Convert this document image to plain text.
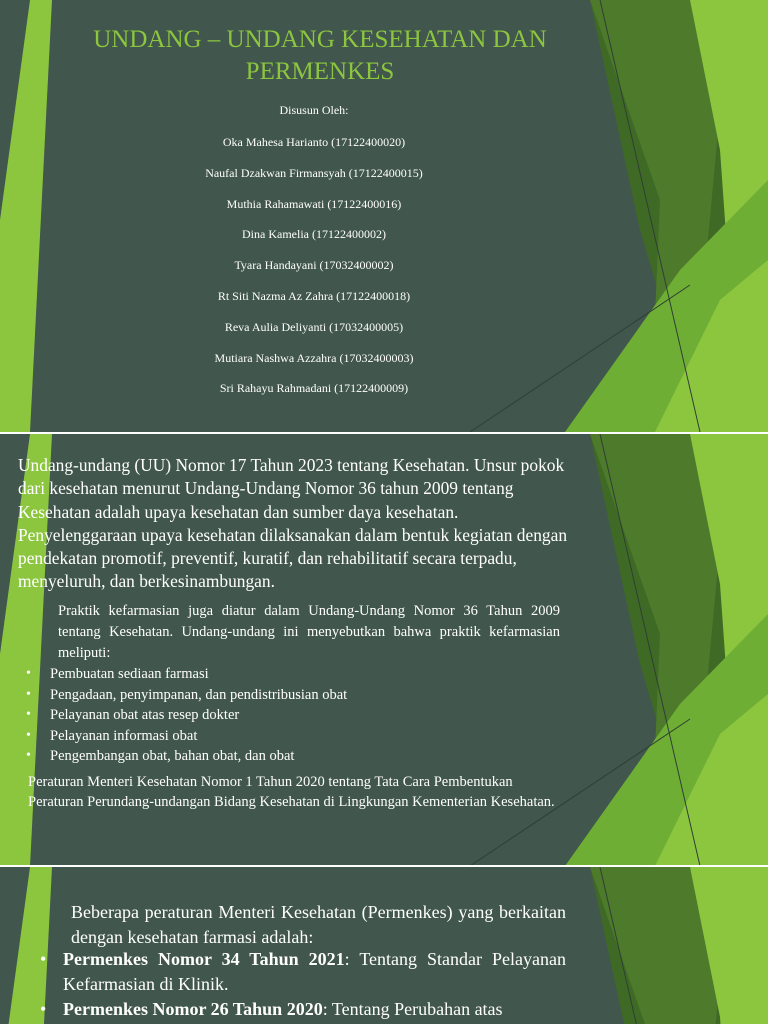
UNDANG – UNDANG KESEHATAN DAN PERMENKES
Disusun Oleh:
Oka Mahesa Harianto (17122400020)
Naufal Dzakwan Firmansyah (17122400015)
Muthia Rahamawati (17122400016)
Dina Kamelia (17122400002)
Tyara Handayani (17032400002)
Rt Siti Nazma Az Zahra (17122400018)
Reva Aulia Deliyanti (17032400005)
Mutiara Nashwa Azzahra (17032400003)
Sri Rahayu Rahmadani (17122400009)
Undang-undang (UU) Nomor 17 Tahun 2023 tentang Kesehatan. Unsur pokok dari kesehatan menurut Undang-Undang Nomor 36 tahun 2009 tentang Kesehatan adalah upaya kesehatan dan sumber daya kesehatan. Penyelenggaraan upaya kesehatan dilaksanakan dalam bentuk kegiatan dengan pendekatan promotif, preventif, kuratif, dan rehabilitatif secara terpadu, menyeluruh, dan berkesinambungan.
Praktik kefarmasian juga diatur dalam Undang-Undang Nomor 36 Tahun 2009 tentang Kesehatan. Undang-undang ini menyebutkan bahwa praktik kefarmasian meliputi:
• Pembuatan sediaan farmasi
• Pengadaan, penyimpanan, dan pendistribusian obat
• Pelayanan obat atas resep dokter
• Pelayanan informasi obat
• Pengembangan obat, bahan obat, dan obat
Peraturan Menteri Kesehatan Nomor 1 Tahun 2020 tentang Tata Cara Pembentukan Peraturan Perundang-undangan Bidang Kesehatan di Lingkungan Kementerian Kesehatan.
Beberapa peraturan Menteri Kesehatan (Permenkes) yang berkaitan dengan kesehatan farmasi adalah:
• Permenkes Nomor 34 Tahun 2021: Tentang Standar Pelayanan Kefarmasian di Klinik.
• Permenkes Nomor 26 Tahun 2020: Tentang Perubahan atas
